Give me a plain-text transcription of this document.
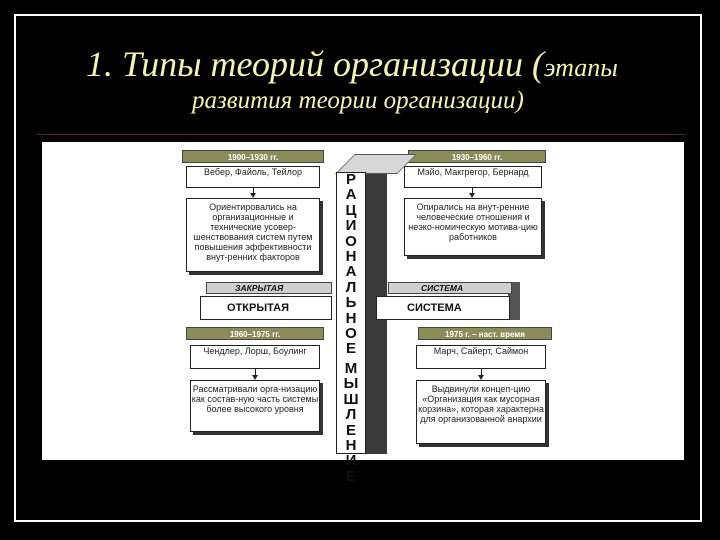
1. Типы теорий организации (этапы
развития теории организации)
1900–1930 гг.
Вебер, Файоль, Тейлор
Ориентировались на организационные и технические усовер-шенствования систем путем повышения эффективности внут-ренних факторов
1930–1960 гг.
Мэйо, Макгрегор, Бернард
Опирались на внут-ренние человеческие отношения и неэко-номическую мотива-цию работников
Р
А
Ц
И
О
Н
А
Л
Ь
Н
О
Е

М
Ы
Ш
Л
Е
Н
И
Е
ЗАКРЫТАЯ
ОТКРЫТАЯ
СИСТЕМА
СИСТЕМА
1960–1975 гг.
Чендлер, Лорш, Боулинг
Рассматривали орга-низацию как состав-ную часть системы более высокого уровня
1975 г. – наст. время
Марч, Сайерт, Саймон
Выдвинули концеп-цию «Организация как мусорная корзина», которая характерна для организованной анархии
